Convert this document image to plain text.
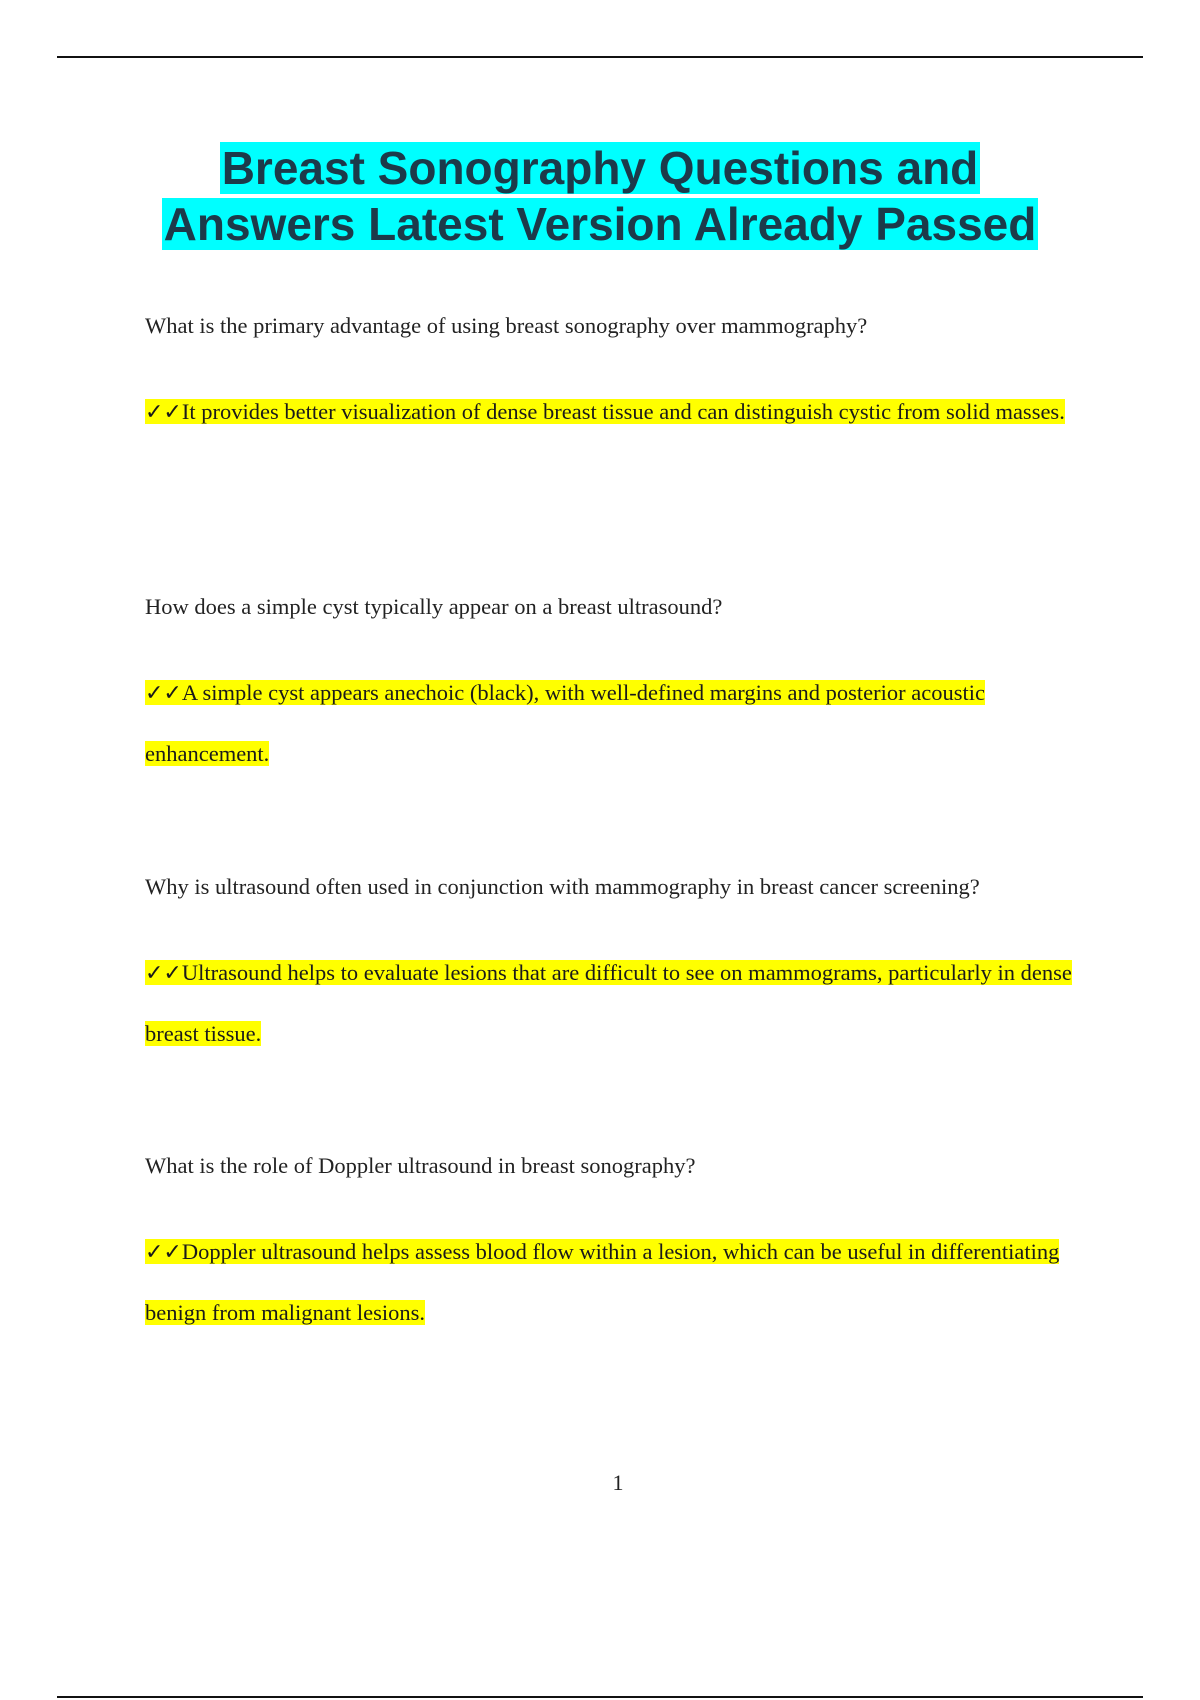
Breast Sonography Questions and
Answers Latest Version Already Passed

What is the primary advantage of using breast sonography over mammography?

✓✓It provides better visualization of dense breast tissue and can distinguish cystic from solid masses.

How does a simple cyst typically appear on a breast ultrasound?

✓✓A simple cyst appears anechoic (black), with well-defined margins and posterior acoustic enhancement.

Why is ultrasound often used in conjunction with mammography in breast cancer screening?

✓✓Ultrasound helps to evaluate lesions that are difficult to see on mammograms, particularly in dense breast tissue.

What is the role of Doppler ultrasound in breast sonography?

✓✓Doppler ultrasound helps assess blood flow within a lesion, which can be useful in differentiating benign from malignant lesions.

1
